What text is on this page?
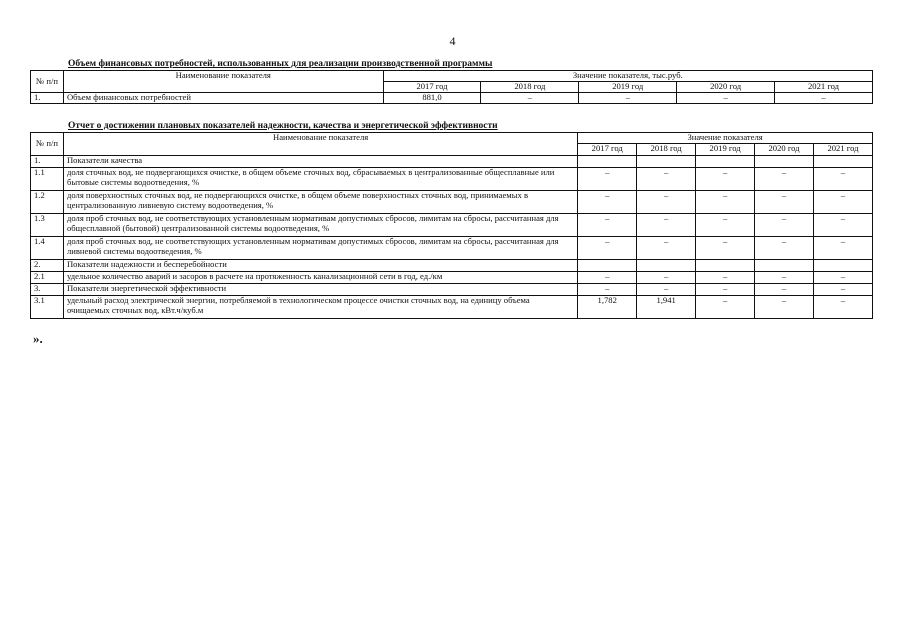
4
Объем финансовых потребностей, использованных для реализации производственной программы
№ п/п	Наименование показателя	Значение показателя, тыс.руб.				
		2017 год	2018 год	2019 год	2020 год	2021 год
1.	Объем финансовых потребностей	881,0	–	–	–	–
Отчет о достижении плановых показателей надежности, качества и энергетической эффективности
№ п/п	Наименование показателя	Значение показателя				
		2017 год	2018 год	2019 год	2020 год	2021 год
1.	Показатели качества					
1.1	доля сточных вод, не подвергающихся очистке, в общем объеме сточных вод, сбрасываемых в централизованные общесплавные или бытовые системы водоотведения, %	–	–	–	–	–
1.2	доля поверхностных сточных вод, не подвергающихся очистке, в общем объеме поверхностных сточных вод, принимаемых в централизованную ливневую систему водоотведения, %	–	–	–	–	–
1.3	доля проб сточных вод, не соответствующих установленным нормативам допустимых сбросов, лимитам на сбросы, рассчитанная для общесплавной (бытовой) централизованной системы водоотведения, %	–	–	–	–	–
1.4	доля проб сточных вод, не соответствующих установленным нормативам допустимых сбросов, лимитам на сбросы, рассчитанная для ливневой системы водоотведения, %	–	–	–	–	–
2.	Показатели надежности и бесперебойности					
2.1	удельное количество аварий и засоров в расчете на протяженность канализационной сети в год, ед./км	–	–	–	–	–
3.	Показатели энергетической эффективности	–	–	–	–	–
3.1	удельный расход электрической энергии, потребляемой в технологическом процессе очистки сточных вод, на единицу объема очищаемых сточных вод, кВт.ч/куб.м	1,782	1,941	–	–	–
».
